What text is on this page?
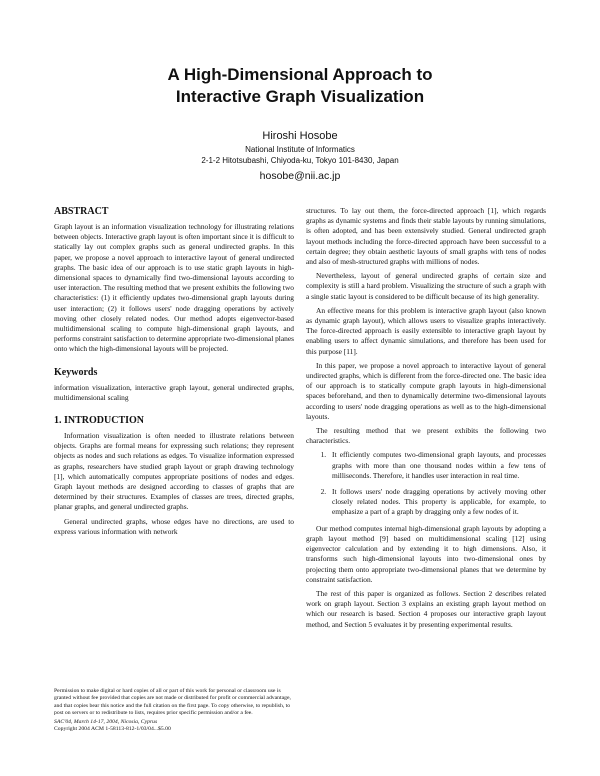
A High-Dimensional Approach to
Interactive Graph Visualization
Hiroshi Hosobe
National Institute of Informatics
2-1-2 Hitotsubashi, Chiyoda-ku, Tokyo 101-8430, Japan
hosobe@nii.ac.jp
ABSTRACT

Graph layout is an information visualization technology for illustrating relations between objects. Interactive graph layout is often important since it is difficult to statically lay out complex graphs such as general undirected graphs. In this paper, we propose a novel approach to interactive layout of general undirected graphs. The basic idea of our approach is to use static graph layouts in high-dimensional spaces to dynamically find two-dimensional layouts according to user interaction. The resulting method that we present exhibits the following two characteristics: (1) it efficiently updates two-dimensional graph layouts during user interaction; (2) it follows users' node dragging operations by actively moving other closely related nodes. Our method adopts eigenvector-based multidimensional scaling to compute high-dimensional graph layouts, and performs constraint satisfaction to determine appropriate two-dimensional planes onto which the high-dimensional layouts will be projected.

Keywords

information visualization, interactive graph layout, general undirected graphs, multidimensional scaling

1. INTRODUCTION

Information visualization is often needed to illustrate relations between objects. Graphs are formal means for expressing such relations; they represent objects as nodes and such relations as edges. To visualize information expressed as graphs, researchers have studied graph layout or graph drawing technology [1], which automatically computes appropriate positions of nodes and edges. Graph layout methods are designed according to classes of graphs that are determined by their structures. Examples of classes are trees, directed graphs, planar graphs, and general undirected graphs.

General undirected graphs, whose edges have no directions, are used to express various information with network

structures. To lay out them, the force-directed approach [1], which regards graphs as dynamic systems and finds their stable layouts by running simulations, is often adopted, and has been extensively studied. General undirected graph layout methods including the force-directed approach have been successful to a certain degree; they obtain aesthetic layouts of small graphs with tens of nodes and also of mesh-structured graphs with millions of nodes.

Nevertheless, layout of general undirected graphs of certain size and complexity is still a hard problem. Visualizing the structure of such a graph with a single static layout is considered to be difficult because of its high generality.

An effective means for this problem is interactive graph layout (also known as dynamic graph layout), which allows users to visualize graphs interactively. The force-directed approach is easily extensible to interactive graph layout by enabling users to affect dynamic simulations, and therefore has been used for this purpose [11].

In this paper, we propose a novel approach to interactive layout of general undirected graphs, which is different from the force-directed one. The basic idea of our approach is to statically compute graph layouts in high-dimensional spaces beforehand, and then to dynamically determine two-dimensional layouts according to users' node dragging operations as well as to the high-dimensional layouts.

The resulting method that we present exhibits the following two characteristics.

1. It efficiently computes two-dimensional graph layouts, and processes graphs with more than one thousand nodes within a few tens of milliseconds. Therefore, it handles user interaction in real time.
2. It follows users' node dragging operations by actively moving other closely related nodes. This property is applicable, for example, to emphasize a part of a graph by dragging only a few nodes of it.

Our method computes internal high-dimensional graph layouts by adopting a graph layout method [9] based on multidimensional scaling [12] using eigenvector calculation and by extending it to high dimensions. Also, it transforms such high-dimensional layouts into two-dimensional ones by projecting them onto appropriate two-dimensional planes that we determine by constraint satisfaction.

The rest of this paper is organized as follows. Section 2 describes related work on graph layout. Section 3 explains an existing graph layout method on which our research is based. Section 4 proposes our interactive graph layout method, and Section 5 evaluates it by presenting experimental results.

Permission to make digital or hard copies of all or part of this work for personal or classroom use is granted without fee provided that copies are not made or distributed for profit or commercial advantage, and that copies bear this notice and the full citation on the first page. To copy otherwise, to republish, to post on servers or to redistribute to lists, requires prior specific permission and/or a fee.
SAC'04, March 14-17, 2004, Nicosia, Cyprus
Copyright 2004 ACM 1-58113-812-1/03/04...$5.00
